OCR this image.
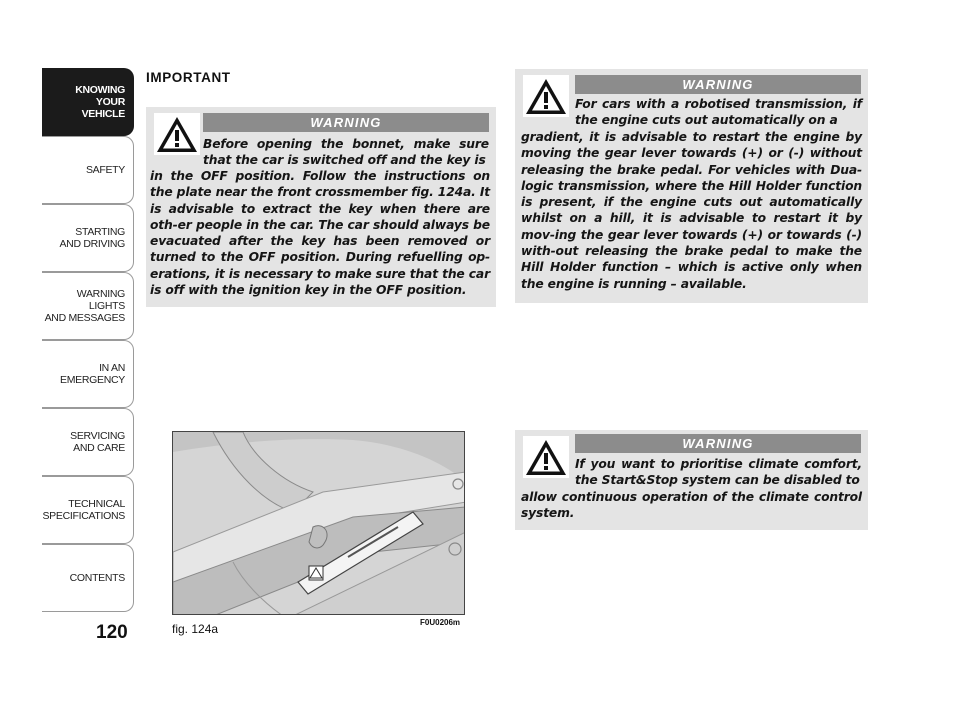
KNOWING
YOUR
VEHICLE
SAFETY
STARTING
AND DRIVING
WARNING LIGHTS
AND MESSAGES
IN AN
EMERGENCY
SERVICING
AND CARE
TECHNICAL
SPECIFICATIONS
CONTENTS
120
IMPORTANT
WARNING
Before opening the bonnet, make sure that the car is switched off and the key is
in the OFF position. Follow the instructions on the plate near the front crossmember fig. 124a. It is advisable to extract the key when there are oth-er people in the car. The car should always be evacuated after the key has been removed or turned to the OFF position. During refuelling op-erations, it is necessary to make sure that the car is off with the ignition key in the OFF position.
WARNING
For cars with a robotised transmission, if the engine cuts out automatically on a
gradient, it is advisable to restart the engine by moving the gear lever towards (+) or (-) without releasing the brake pedal. For vehicles with Dua-logic transmission, where the Hill Holder function is present, if the engine cuts out automatically whilst on a hill, it is advisable to restart it by mov-ing the gear lever towards (+) or towards (-) with-out releasing the brake pedal to make the Hill Holder function – which is active only when the engine is running – available.
WARNING
If you want to prioritise climate comfort, the Start&Stop system can be disabled to
allow continuous operation of the climate control system.
fig. 124a	F0U0206m
